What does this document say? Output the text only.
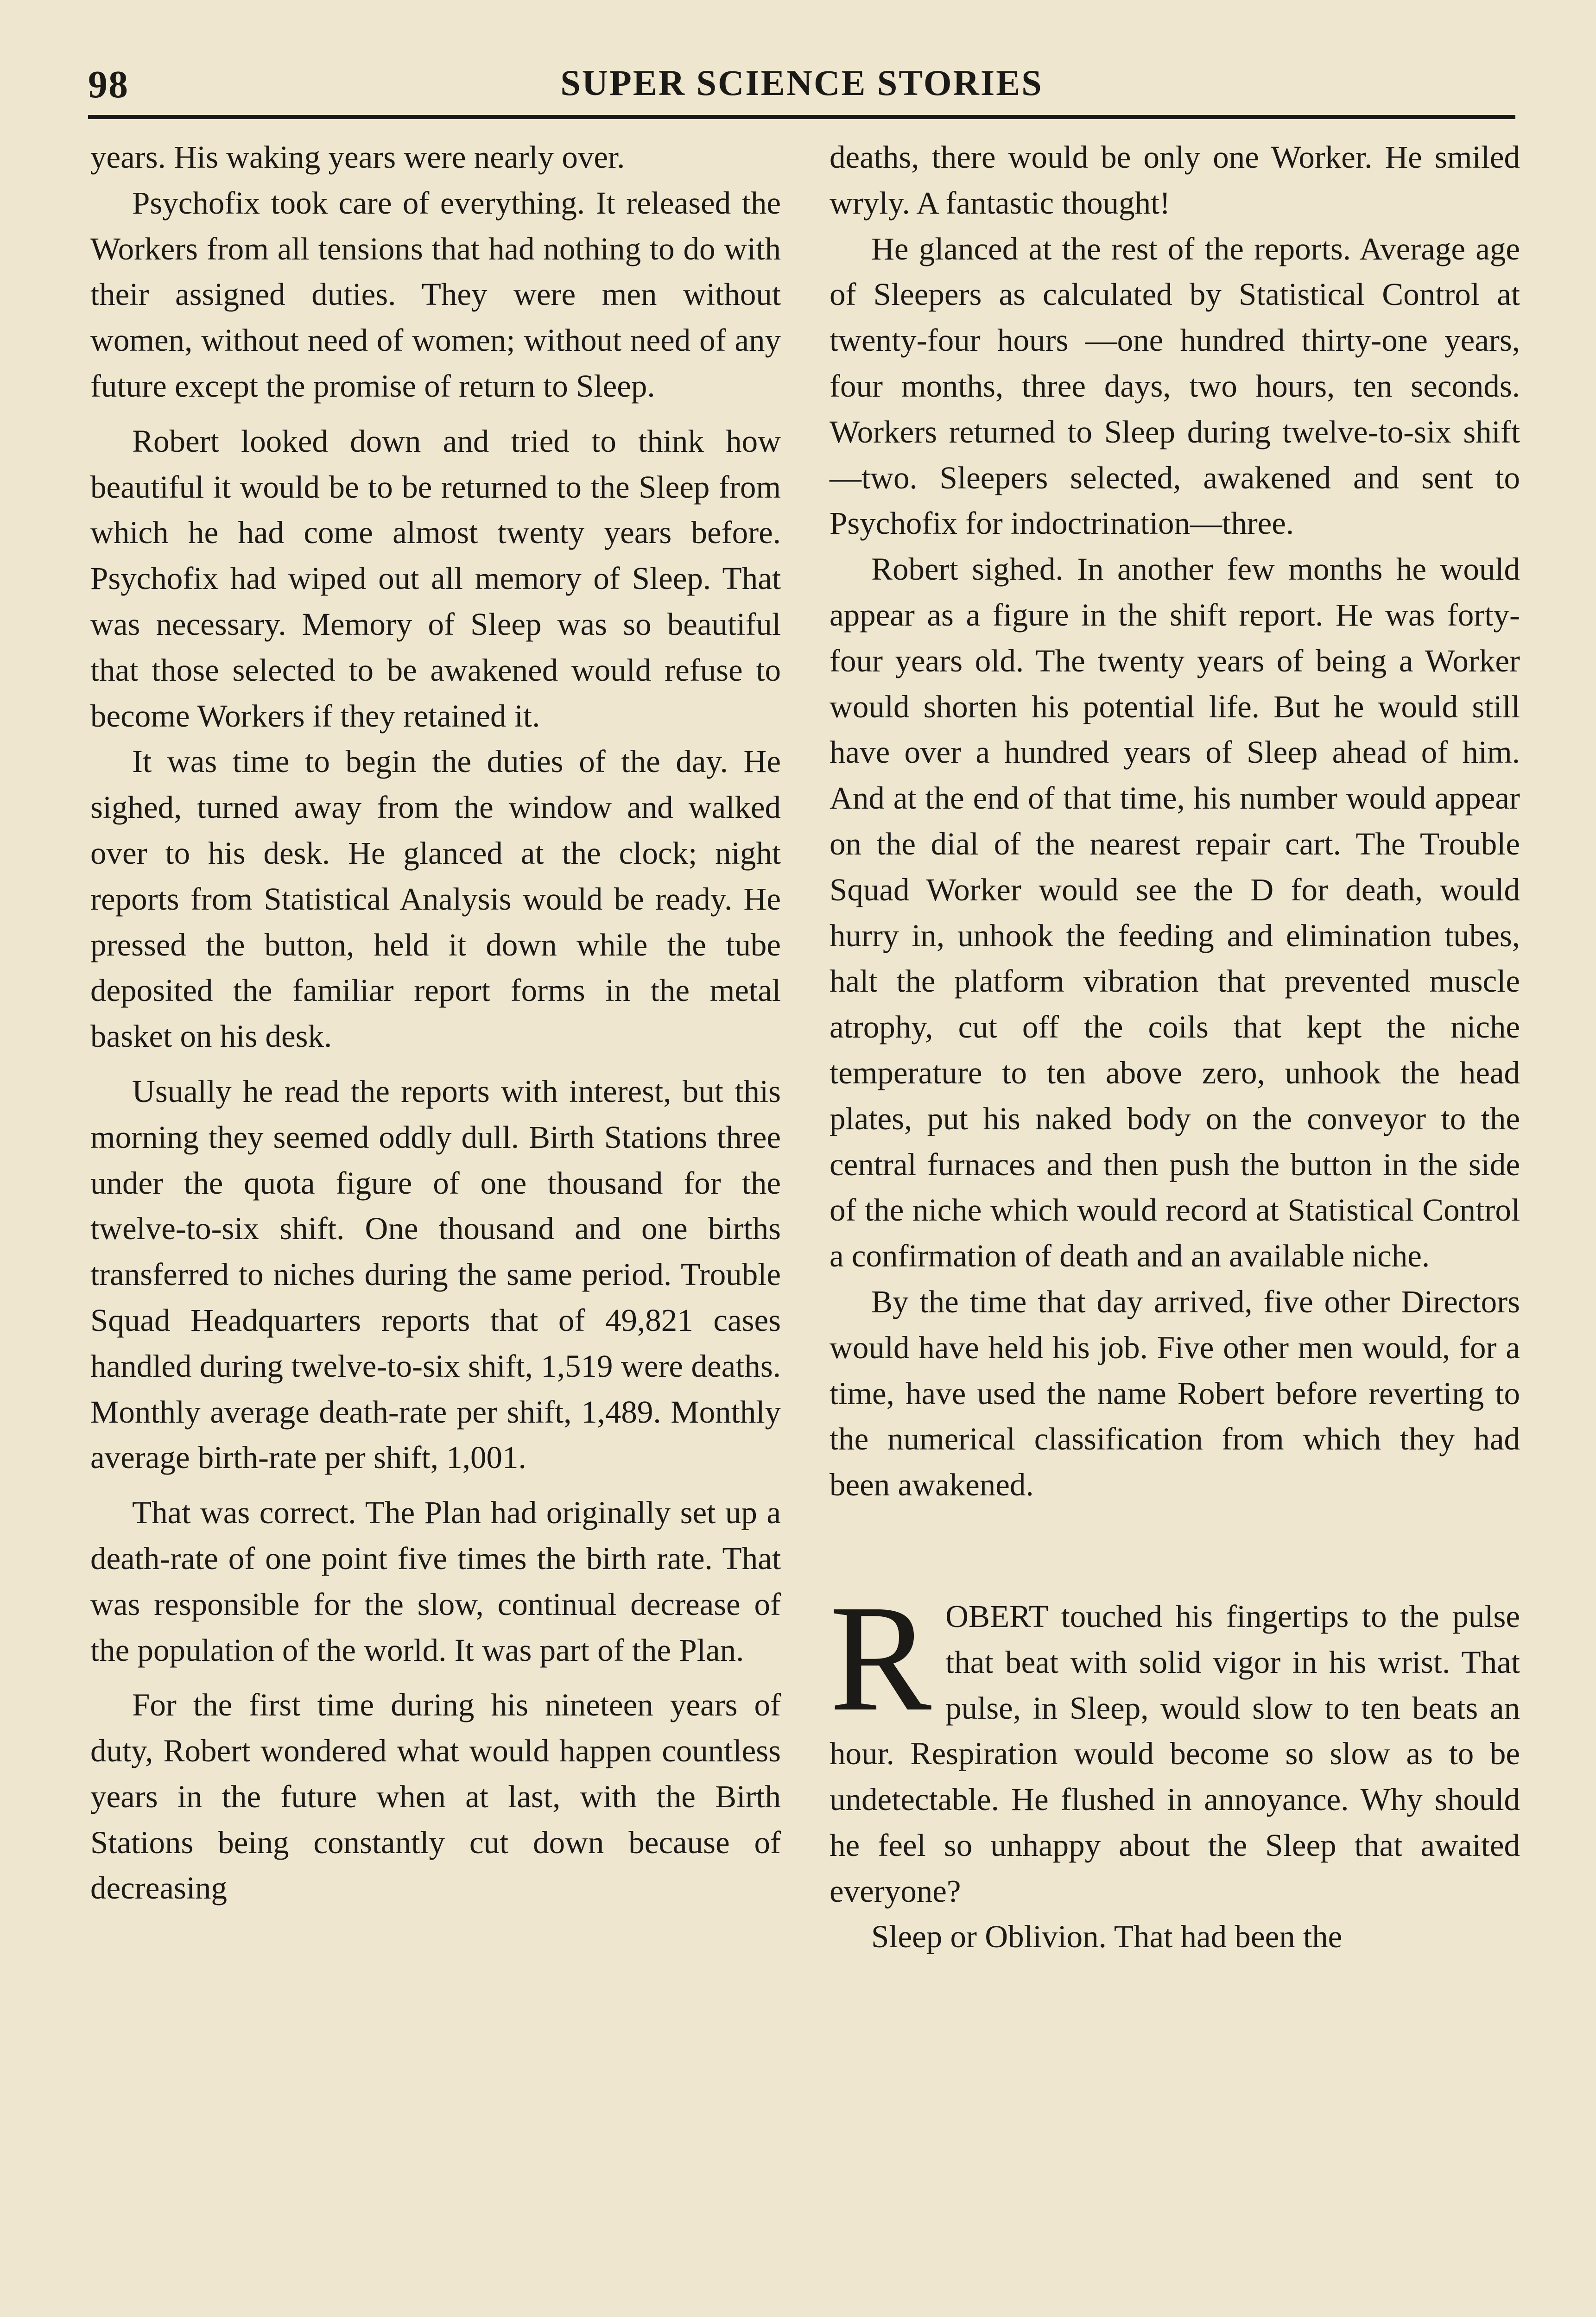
98	SUPER SCIENCE STORIES

years. His waking years were nearly over.

Psychofix took care of everything. It released the Workers from all tensions that had nothing to do with their assigned duties. They were men without women, without need of women; without need of any future except the promise of return to Sleep.

Robert looked down and tried to think how beautiful it would be to be returned to the Sleep from which he had come almost twenty years before. Psychofix had wiped out all memory of Sleep. That was necessary. Memory of Sleep was so beautiful that those selected to be awakened would refuse to become Workers if they retained it.

It was time to begin the duties of the day. He sighed, turned away from the window and walked over to his desk. He glanced at the clock; night reports from Statistical Analysis would be ready. He pressed the button, held it down while the tube deposited the familiar report forms in the metal basket on his desk.

Usually he read the reports with interest, but this morning they seemed oddly dull. Birth Stations three under the quota figure of one thousand for the twelve-to-six shift. One thousand and one births transferred to niches during the same period. Trouble Squad Headquarters reports that of 49,821 cases handled during twelve-to-six shift, 1,519 were deaths. Monthly average death-rate per shift, 1,489. Monthly average birth-rate per shift, 1,001.

That was correct. The Plan had originally set up a death-rate of one point five times the birth rate. That was responsible for the slow, continual decrease of the population of the world. It was part of the Plan.

For the first time during his nineteen years of duty, Robert wondered what would happen countless years in the future when at last, with the Birth Stations being constantly cut down because of decreasing

deaths, there would be only one Worker. He smiled wryly. A fantastic thought!

He glanced at the rest of the reports. Average age of Sleepers as calculated by Statistical Control at twenty-four hours —one hundred thirty-one years, four months, three days, two hours, ten seconds. Workers returned to Sleep during twelve-to-six shift—two. Sleepers selected, awakened and sent to Psychofix for indoctrination—three.

Robert sighed. In another few months he would appear as a figure in the shift report. He was forty-four years old. The twenty years of being a Worker would shorten his potential life. But he would still have over a hundred years of Sleep ahead of him. And at the end of that time, his number would appear on the dial of the nearest repair cart. The Trouble Squad Worker would see the D for death, would hurry in, unhook the feeding and elimination tubes, halt the platform vibration that prevented muscle atrophy, cut off the coils that kept the niche temperature to ten above zero, unhook the head plates, put his naked body on the conveyor to the central furnaces and then push the button in the side of the niche which would record at Statistical Control a confirmation of death and an available niche.

By the time that day arrived, five other Directors would have held his job. Five other men would, for a time, have used the name Robert before reverting to the numerical classification from which they had been awakened.

ROBERT touched his fingertips to the pulse that beat with solid vigor in his wrist. That pulse, in Sleep, would slow to ten beats an hour. Respiration would become so slow as to be undetectable. He flushed in annoyance. Why should he feel so unhappy about the Sleep that awaited everyone?

Sleep or Oblivion. That had been the
